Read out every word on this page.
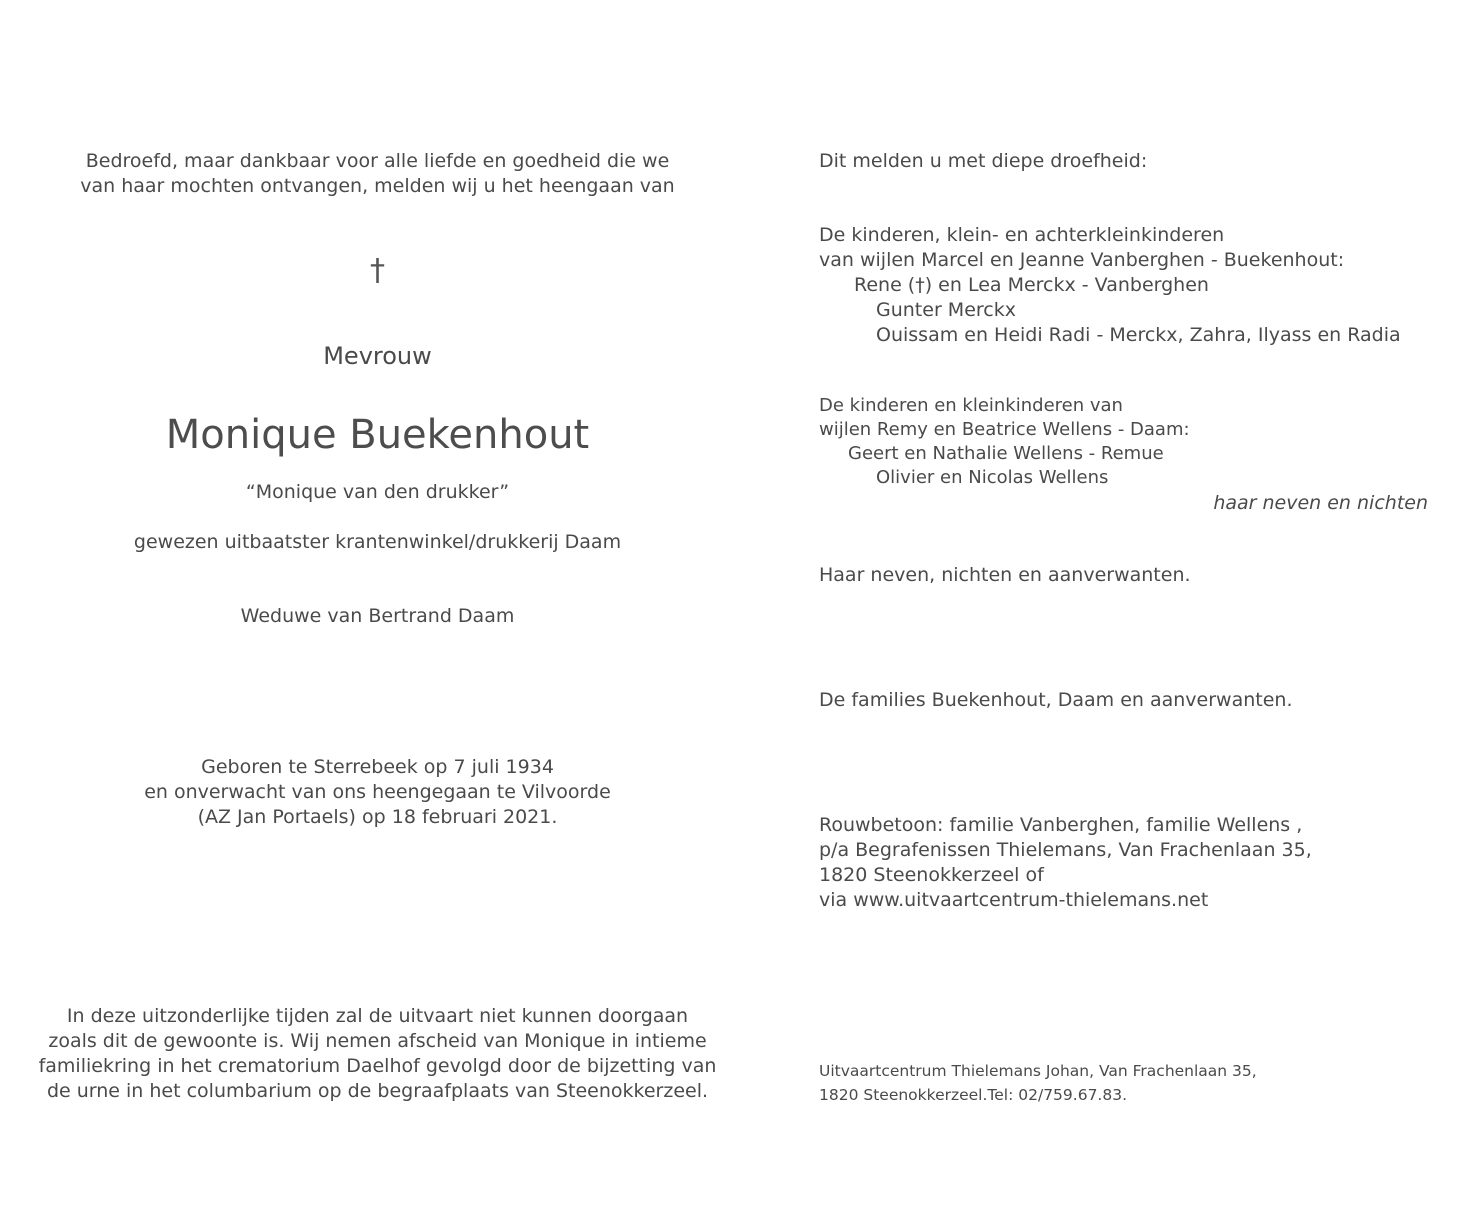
Bedroefd, maar dankbaar voor alle liefde en goedheid die we
van haar mochten ontvangen, melden wij u het heengaan van
†
Mevrouw
Monique Buekenhout
“Monique van den drukker”
gewezen uitbaatster krantenwinkel/drukkerij Daam
Weduwe van Bertrand Daam
Geboren te Sterrebeek op 7 juli 1934
en onverwacht van ons heengegaan te Vilvoorde
(AZ Jan Portaels) op 18 februari 2021.
In deze uitzonderlijke tijden zal de uitvaart niet kunnen doorgaan
zoals dit de gewoonte is. Wij nemen afscheid van Monique in intieme
familiekring in het crematorium Daelhof gevolgd door de bijzetting van
de urne in het columbarium op de begraafplaats van Steenokkerzeel.
Dit melden u met diepe droefheid:
De kinderen, klein- en achterkleinkinderen
van wijlen Marcel en Jeanne Vanberghen - Buekenhout:
Rene (†) en Lea Merckx - Vanberghen
Gunter Merckx
Ouissam en Heidi Radi - Merckx, Zahra, Ilyass en Radia
De kinderen en kleinkinderen van
wijlen Remy en Beatrice Wellens - Daam:
Geert en Nathalie Wellens - Remue
Olivier en Nicolas Wellens
haar neven en nichten
Haar neven, nichten en aanverwanten.
De families Buekenhout, Daam en aanverwanten.
Rouwbetoon: familie Vanberghen, familie Wellens ,
p/a Begrafenissen Thielemans, Van Frachenlaan 35,
1820 Steenokkerzeel of
via www.uitvaartcentrum-thielemans.net
Uitvaartcentrum Thielemans Johan, Van Frachenlaan 35,
1820 Steenokkerzeel.Tel: 02/759.67.83.
